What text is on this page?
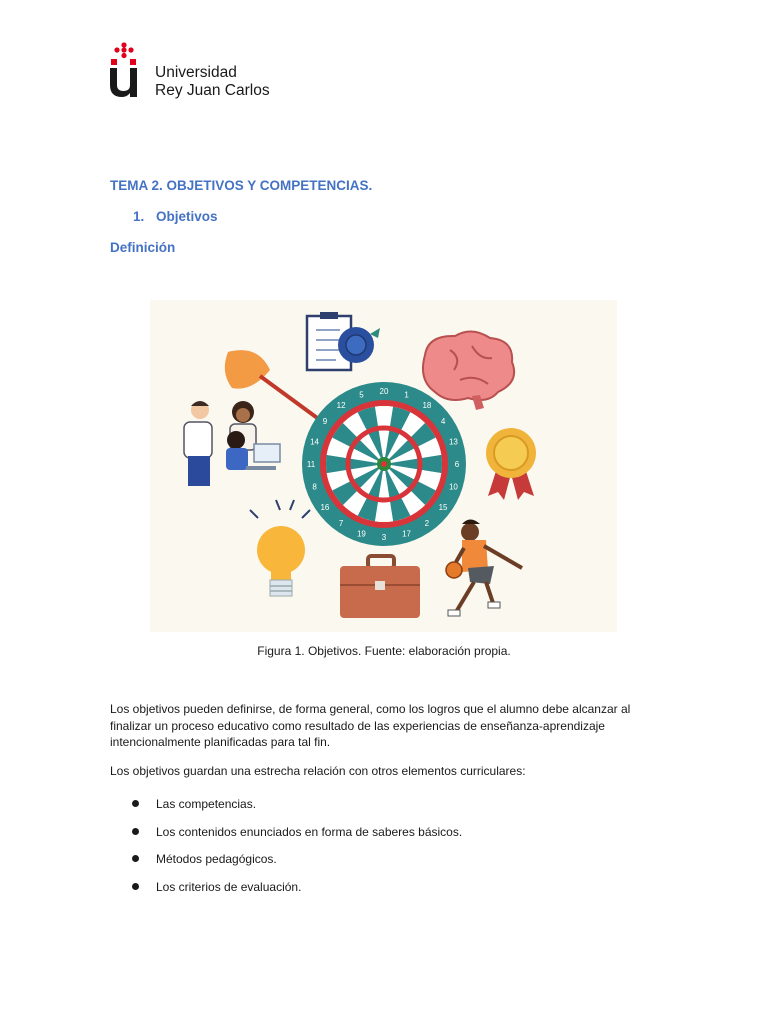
Universidad
Rey Juan Carlos
TEMA 2. OBJETIVOS Y COMPETENCIAS.
1. Objetivos
Definición
20 1
18
4
13
6
10
15
2
17
3
19
7
16
8
11
14
9
12
5
Figura 1. Objetivos. Fuente: elaboración propia.

Los objetivos pueden definirse, de forma general, como los logros que el alumno debe alcanzar al finalizar un proceso educativo como resultado de las experiencias de enseñanza-aprendizaje intencionalmente planificadas para tal fin.

Los objetivos guardan una estrecha relación con otros elementos curriculares:

Las competencias.
Los contenidos enunciados en forma de saberes básicos.
Métodos pedagógicos.
Los criterios de evaluación.
